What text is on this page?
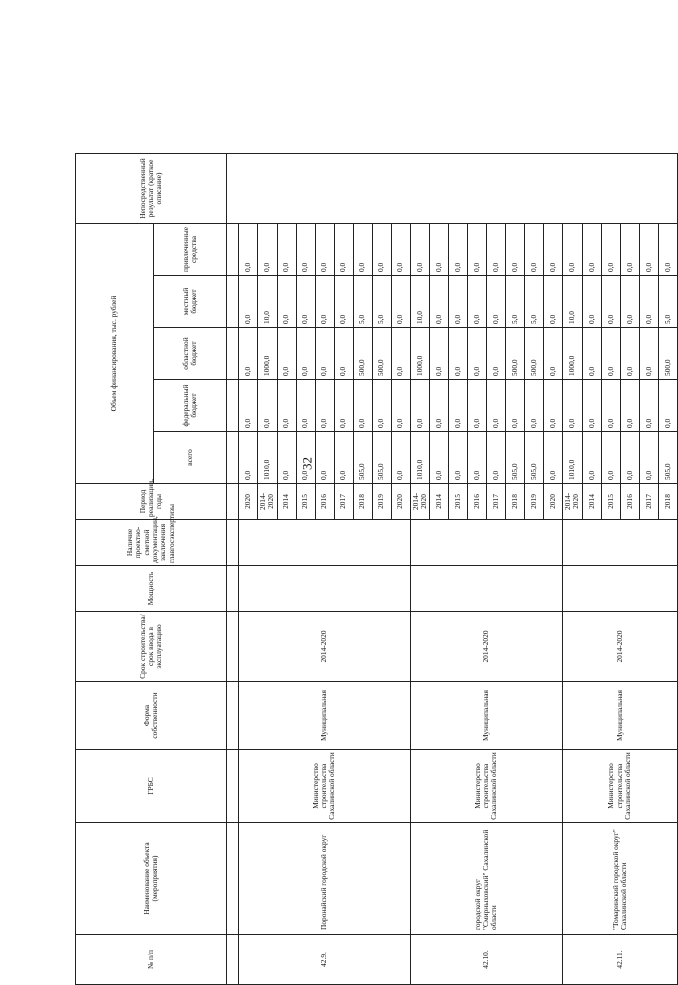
32
№ п/п	Наименование объекта (мероприятия)	ГРБС	Форма собственности	Срок строительства/срок ввода в эксплуатацию	Мощность	Наличие проектно-сметной документации, заключения главгосэкспертизы	Период реализации, годы	Объем финансирования, тыс. рублей					Непосредственный результат (краткое описание)
								всего	федеральный бюджет	областной бюджет	местный бюджет	привлеченные средства	

42.9.	Поронайский городской округ	Министерство строительства Сахалинской области	Муниципальная	2014-2020			2020	0,0	0,0	0,0	0,0	0,0	
							2014-2020	1010,0	0,0	1000,0	10,0	0,0	
							2014	0,0	0,0	0,0	0,0	0,0	
							2015	0,0	0,0	0,0	0,0	0,0	
							2016	0,0	0,0	0,0	0,0	0,0	
							2017	0,0	0,0	0,0	0,0	0,0	
							2018	505,0	0,0	500,0	5,0	0,0	
							2019	505,0	0,0	500,0	5,0	0,0	
							2020	0,0	0,0	0,0	0,0	0,0	
42.10.	городской округ "Смирныховский" Сахалинской области	Министерство строительства Сахалинской области	Муниципальная	2014-2020			2014-2020	1010,0	0,0	1000,0	10,0	0,0	
							2014	0,0	0,0	0,0	0,0	0,0	
							2015	0,0	0,0	0,0	0,0	0,0	
							2016	0,0	0,0	0,0	0,0	0,0	
							2017	0,0	0,0	0,0	0,0	0,0	
							2018	505,0	0,0	500,0	5,0	0,0	
							2019	505,0	0,0	500,0	5,0	0,0	
							2020	0,0	0,0	0,0	0,0	0,0	
42.11.	"Томаринский городской округ" Сахалинской области	Министерство строительства Сахалинской области	Муниципальная	2014-2020			2014-2020	1010,0	0,0	1000,0	10,0	0,0	
							2014	0,0	0,0	0,0	0,0	0,0	
							2015	0,0	0,0	0,0	0,0	0,0	
							2016	0,0	0,0	0,0	0,0	0,0	
							2017	0,0	0,0	0,0	0,0	0,0	
							2018	505,0	0,0	500,0	5,0	0,0	
